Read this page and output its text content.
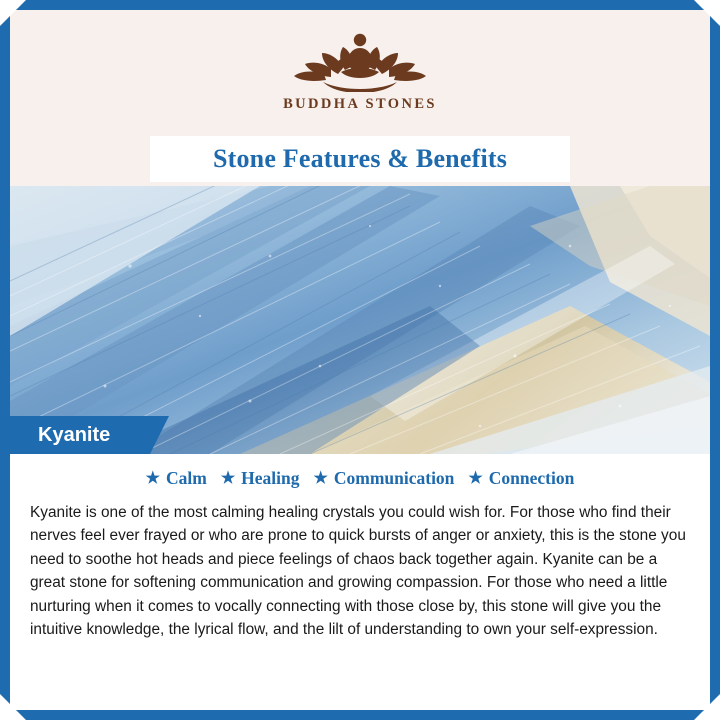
BUDDHA STONES
Stone Features & Benefits
Kyanite
★ Calm ★ Healing ★ Communication ★ Connection

Kyanite is one of the most calming healing crystals you could wish for. For those who find their nerves feel ever frayed or who are prone to quick bursts of anger or anxiety, this is the stone you need to soothe hot heads and piece feelings of chaos back together again. Kyanite can be a great stone for softening communication and growing compassion. For those who need a little nurturing when it comes to vocally connecting with those close by, this stone will give you the intuitive knowledge, the lyrical flow, and the lilt of understanding to own your self-expression.
